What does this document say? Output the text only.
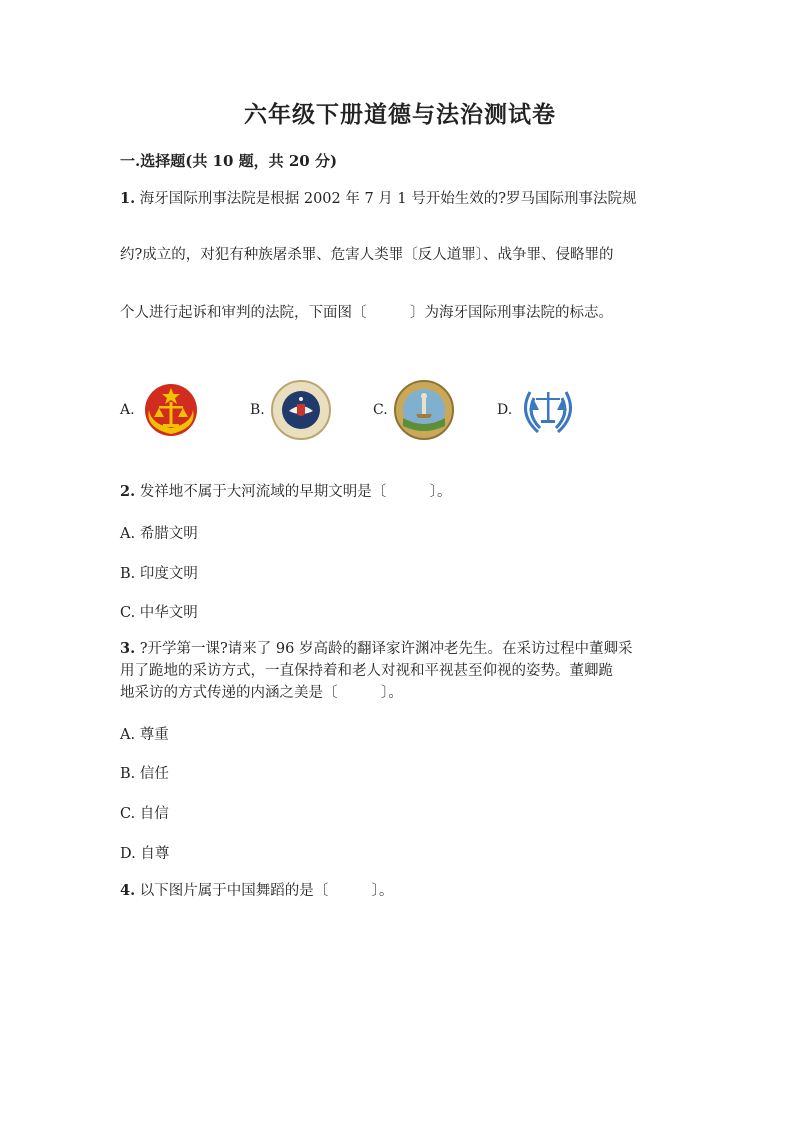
六年级下册道德与法治测试卷
一.选择题(共 10 题，共 20 分)
1. 海牙国际刑事法院是根据 2002 年 7 月 1 号开始生效的?罗马国际刑事法院规
约?成立的，对犯有种族屠杀罪、危害人类罪〔反人道罪〕、战争罪、侵略罪的
个人进行起诉和审判的法院，下面图〔　　　〕为海牙国际刑事法院的标志。
A.	B.	C.	D.
2. 发祥地不属于大河流域的早期文明是〔　　　〕。
A. 希腊文明
B. 印度文明
C. 中华文明
3. ?开学第一课?请来了 96 岁高龄的翻译家许渊冲老先生。在采访过程中董卿采
用了跪地的采访方式，一直保持着和老人对视和平视甚至仰视的姿势。董卿跪
地采访的方式传递的内涵之美是〔　　　〕。
A. 尊重
B. 信任
C. 自信
D. 自尊
4. 以下图片属于中国舞蹈的是〔　　　〕。
